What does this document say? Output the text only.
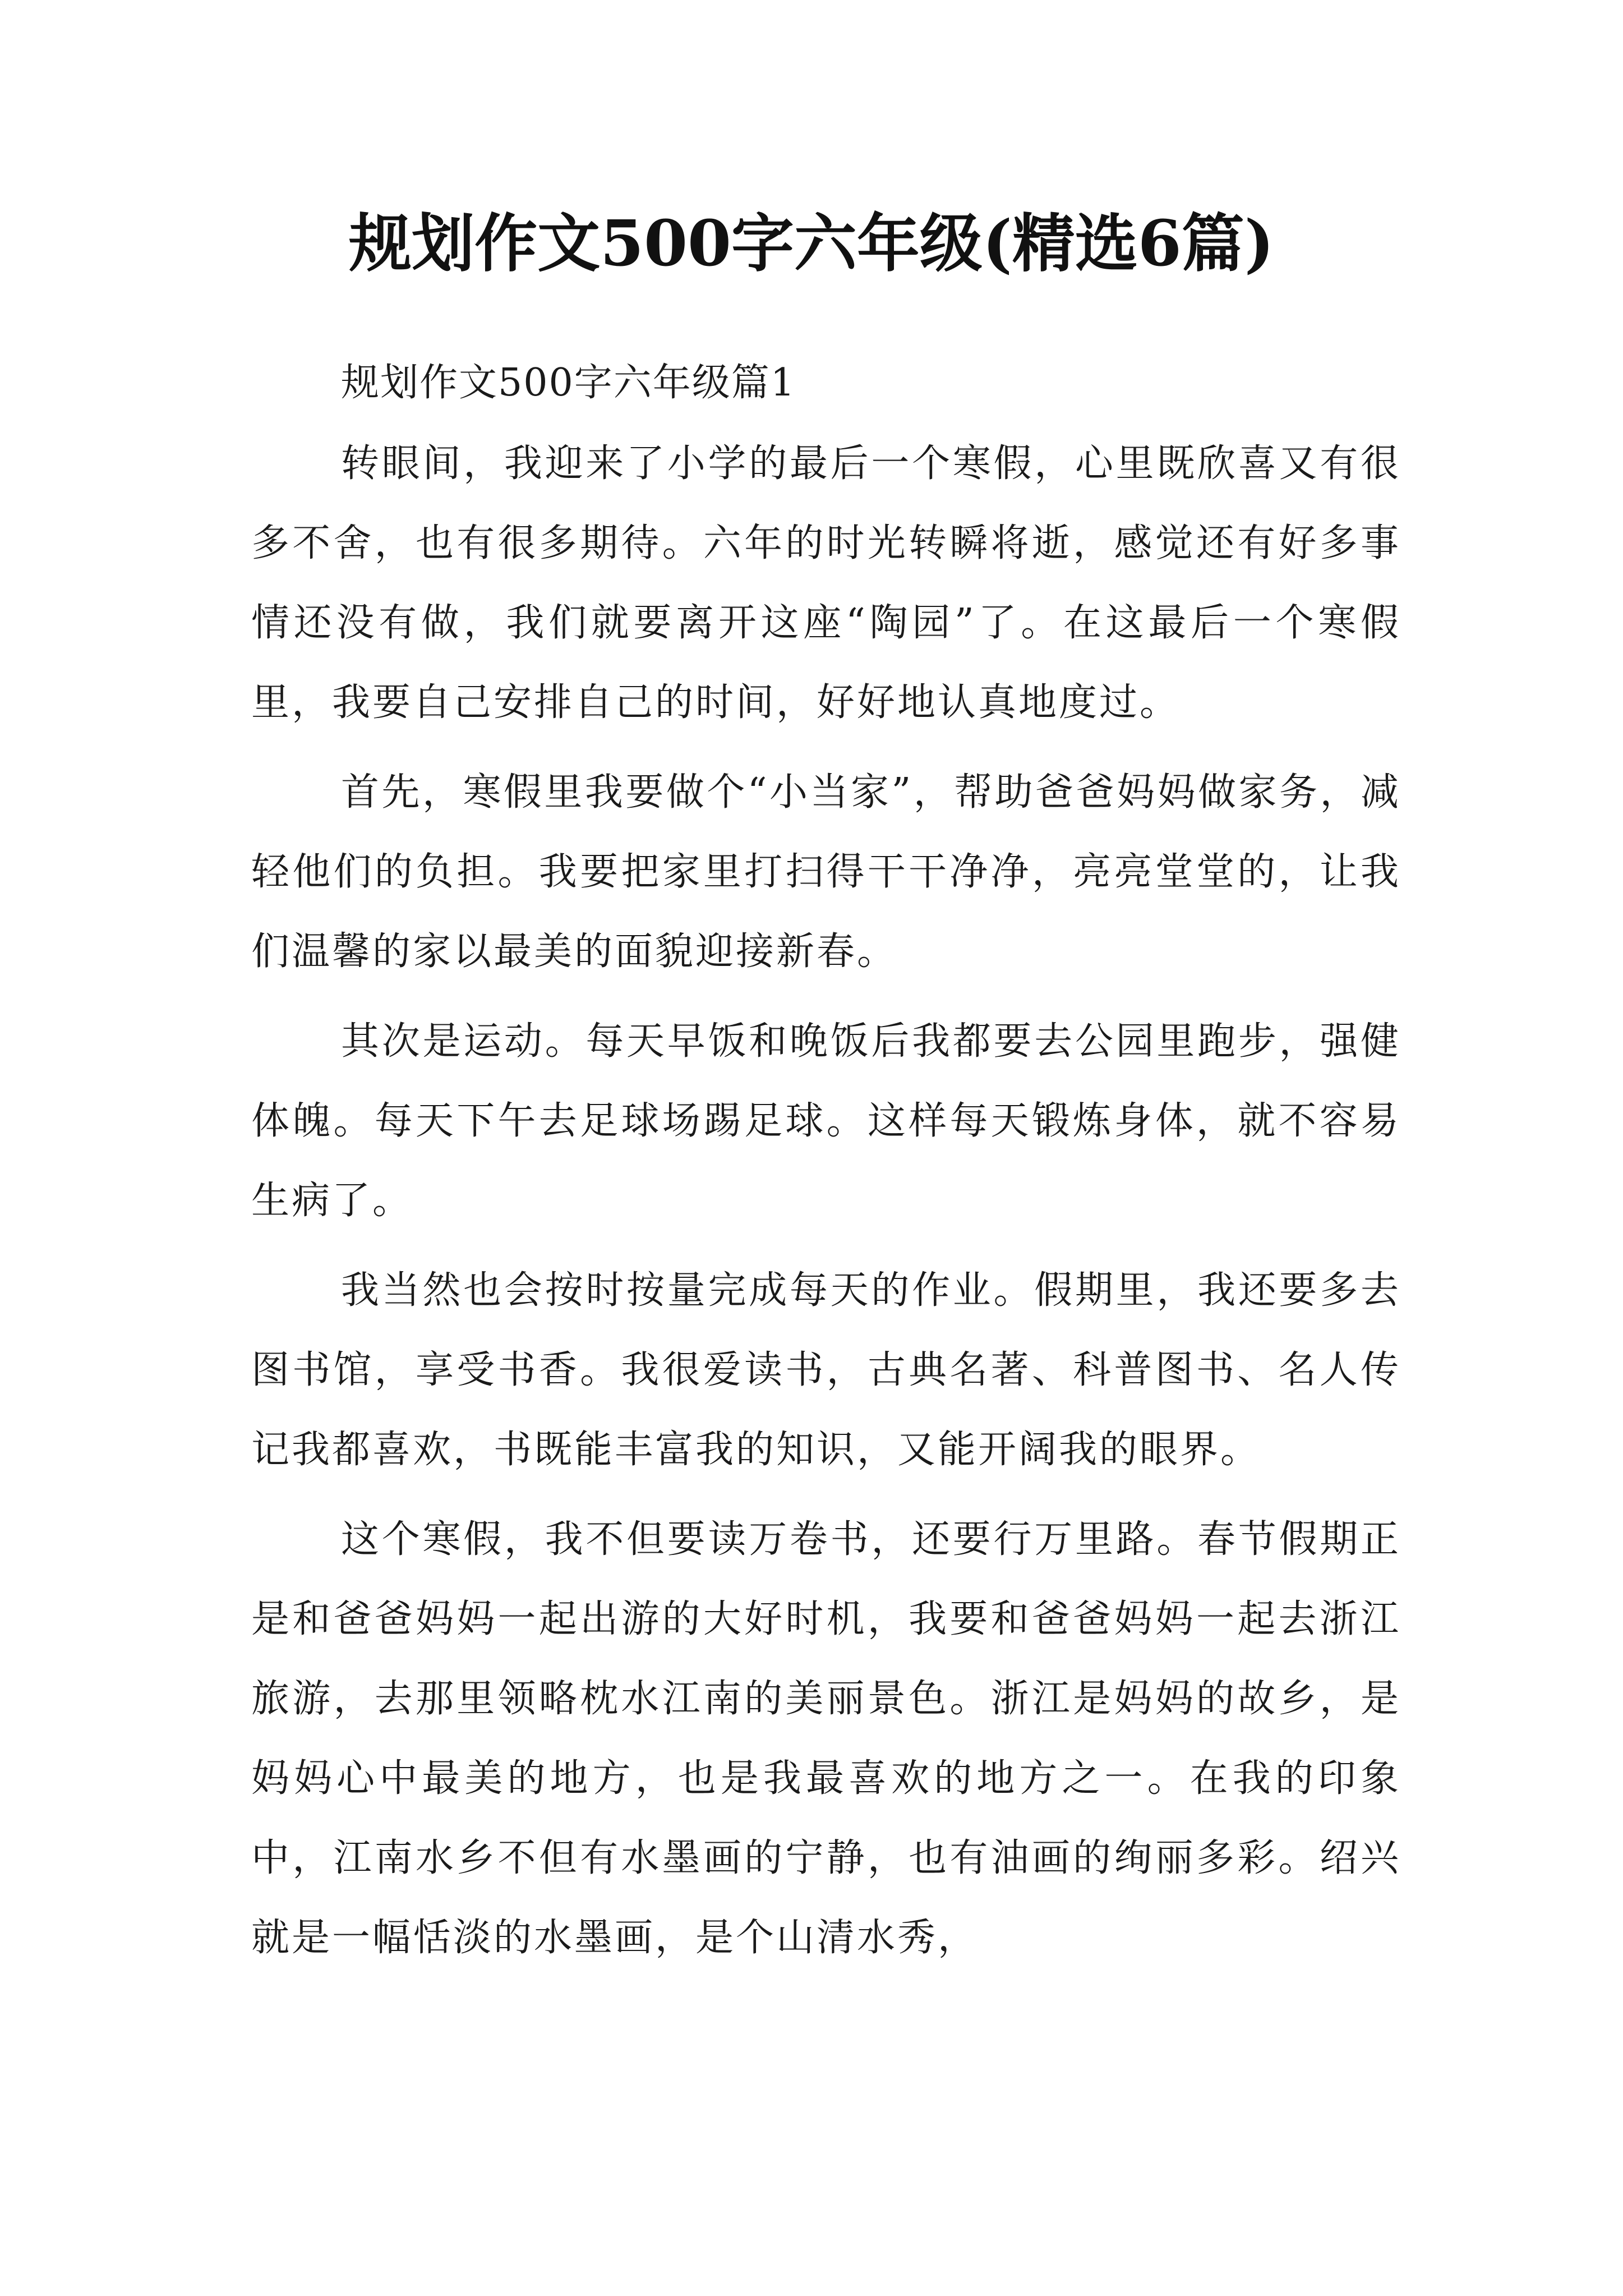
规划作文500字六年级(精选6篇)

规划作文500字六年级篇1

转眼间，我迎来了小学的最后一个寒假，心里既欣喜又有很多不舍，也有很多期待。六年的时光转瞬将逝，感觉还有好多事情还没有做，我们就要离开这座“陶园”了。在这最后一个寒假里，我要自己安排自己的时间，好好地认真地度过。

首先，寒假里我要做个“小当家”，帮助爸爸妈妈做家务，减轻他们的负担。我要把家里打扫得干干净净，亮亮堂堂的，让我们温馨的家以最美的面貌迎接新春。

其次是运动。每天早饭和晚饭后我都要去公园里跑步，强健体魄。每天下午去足球场踢足球。这样每天锻炼身体，就不容易生病了。

我当然也会按时按量完成每天的作业。假期里，我还要多去图书馆，享受书香。我很爱读书，古典名著、科普图书、名人传记我都喜欢，书既能丰富我的知识，又能开阔我的眼界。

这个寒假，我不但要读万卷书，还要行万里路。春节假期正是和爸爸妈妈一起出游的大好时机，我要和爸爸妈妈一起去浙江旅游，去那里领略枕水江南的美丽景色。浙江是妈妈的故乡，是妈妈心中最美的地方，也是我最喜欢的地方之一。在我的印象中，江南水乡不但有水墨画的宁静，也有油画的绚丽多彩。绍兴就是一幅恬淡的水墨画，是个山清水秀，
